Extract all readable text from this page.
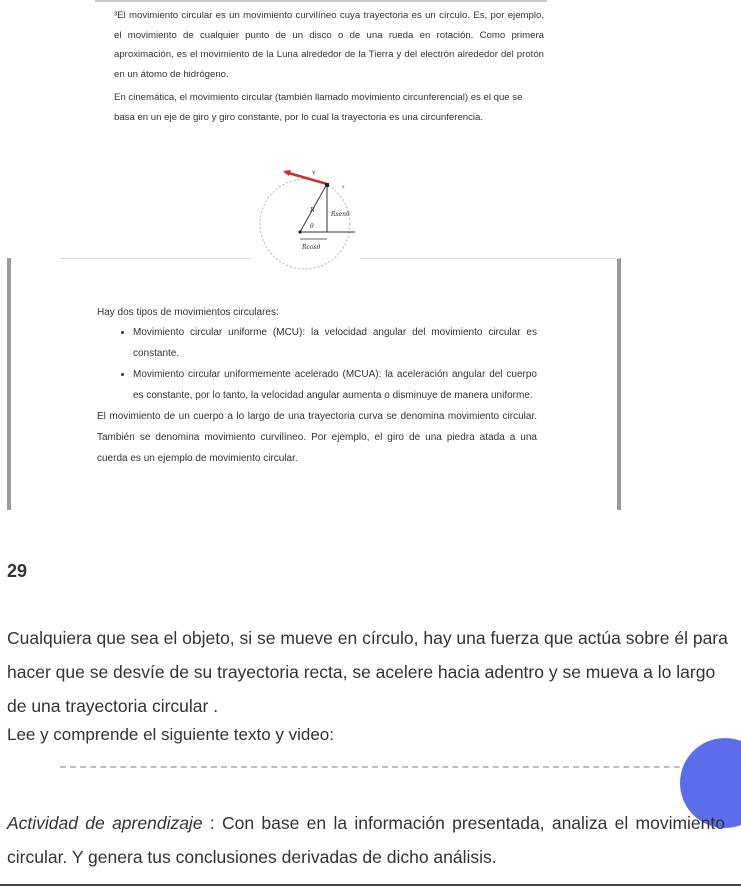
³El movimiento circular es un movimiento curvilíneo cuya trayectoria es un círculo. Es, por ejemplo, el movimiento de cualquier punto de un disco o de una rueda en rotación. Como primera aproximación, es el movimiento de la Luna alrededor de la Tierra y del electrón alrededor del protón en un átomo de hidrógeno.

En cinemática, el movimiento circular (también llamado movimiento circunferencial) es el que se basa en un eje de giro y giro constante, por lo cual la trayectoria es una circunferencia.

v
s
R
Rsenθ
θ
Rcosθ

Hay dos tipos de movimientos circulares:

• Movimiento circular uniforme (MCU): la velocidad angular del movimiento circular es constante.
• Movimiento circular uniformemente acelerado (MCUA): la aceleración angular del cuerpo es constante, por lo tanto, la velocidad angular aumenta o disminuye de manera uniforme.

El movimiento de un cuerpo a lo largo de una trayectoria curva se denomina movimiento circular. También se denomina movimiento curvilíneo. Por ejemplo, el giro de una piedra atada a una cuerda es un ejemplo de movimiento circular.

29
Cualquiera que sea el objeto, si se mueve en círculo, hay una fuerza que actúa sobre él para hacer que se desvíe de su trayectoria recta, se acelere hacia adentro y se mueva a lo largo de una trayectoria circular .
Lee y comprende el siguiente texto y video:
Actividad de aprendizaje : Con base en la información presentada, analiza el movimiento circular. Y genera tus conclusiones derivadas de dicho análisis.
